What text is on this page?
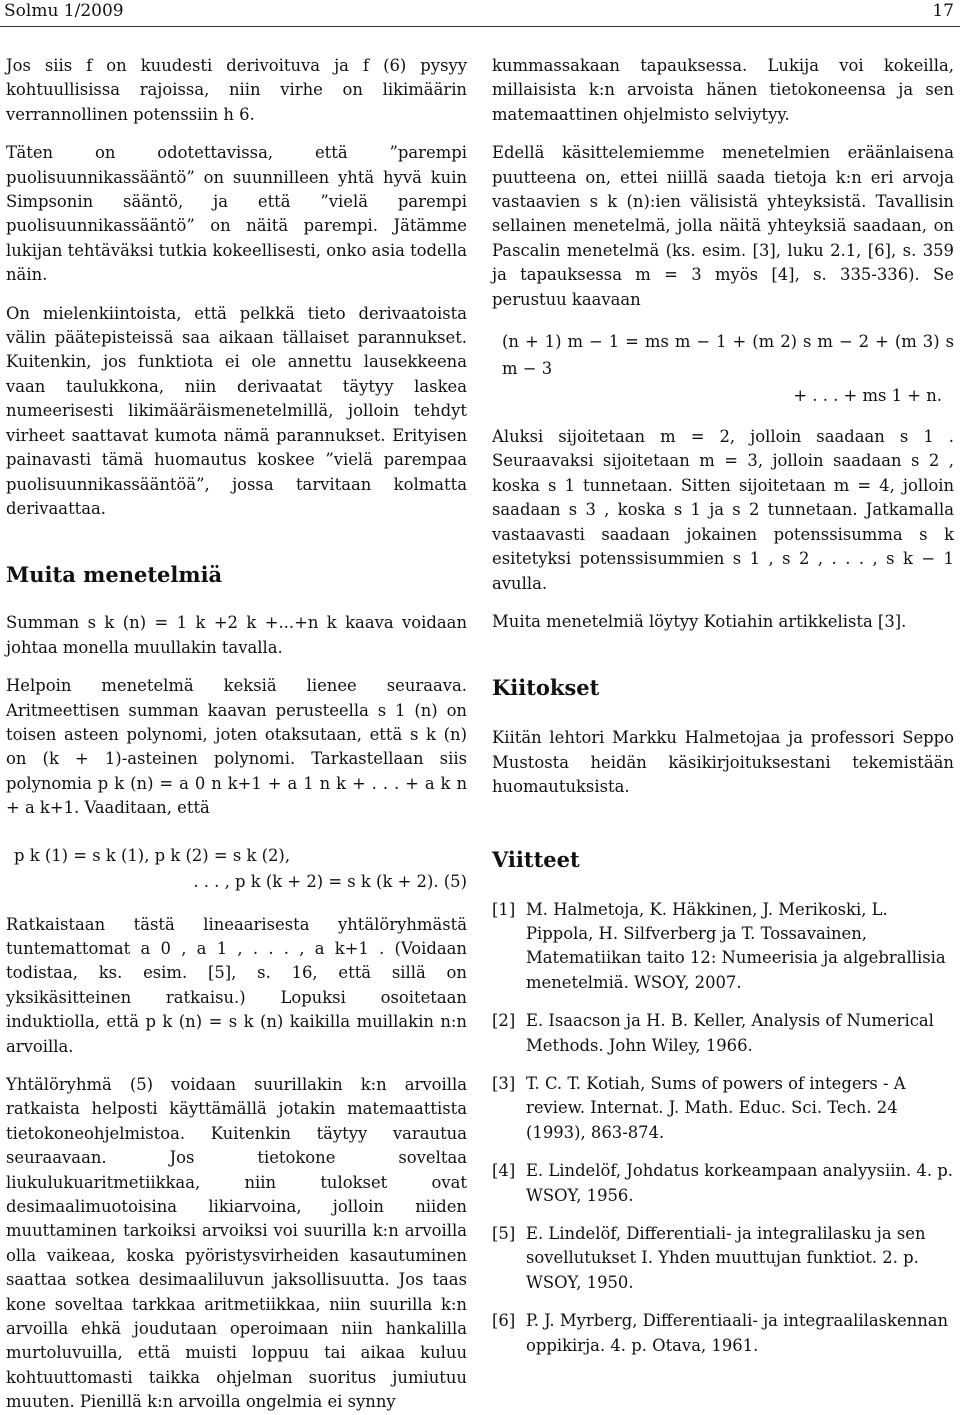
Solmu 1/2009	17

Jos siis f on kuudesti derivoituva ja f (6) pysyy kohtuullisissa rajoissa, niin virhe on likimäärin verrannollinen potenssiin h 6.

Täten on odotettavissa, että ”parempi puolisuunnikassääntö” on suunnilleen yhtä hyvä kuin Simpsonin sääntö, ja että ”vielä parempi puolisuunnikassääntö” on näitä parempi. Jätämme lukijan tehtäväksi tutkia kokeellisesti, onko asia todella näin.

On mielenkiintoista, että pelkkä tieto derivaatoista välin päätepisteissä saa aikaan tällaiset parannukset. Kuitenkin, jos funktiota ei ole annettu lausekkeena vaan taulukkona, niin derivaatat täytyy laskea numeerisesti likimääräismenetelmillä, jolloin tehdyt virheet saattavat kumota nämä parannukset. Erityisen painavasti tämä huomautus koskee ”vielä parempaa puolisuunnikassääntöä”, jossa tarvitaan kolmatta derivaattaa.

Muita menetelmiä

Summan s k (n) = 1 k +2 k +...+n k kaava voidaan johtaa monella muullakin tavalla.

Helpoin menetelmä keksiä lienee seuraava. Aritmeettisen summan kaavan perusteella s 1 (n) on toisen asteen polynomi, joten otaksutaan, että s k (n) on (k + 1)-asteinen polynomi. Tarkastellaan siis polynomia p k (n) = a 0 n k+1 + a 1 n k + . . . + a k n + a k+1. Vaaditaan, että

p k (1) = s k (1), p k (2) = s k (2),
. . . , p k (k + 2) = s k (k + 2). (5)

Ratkaistaan tästä lineaarisesta yhtälöryhmästä tuntemattomat a 0 , a 1 , . . . , a k+1 . (Voidaan todistaa, ks. esim. [5], s. 16, että sillä on yksikäsitteinen ratkaisu.) Lopuksi osoitetaan induktiolla, että p k (n) = s k (n) kaikilla muillakin n:n arvoilla.

Yhtälöryhmä (5) voidaan suurillakin k:n arvoilla ratkaista helposti käyttämällä jotakin matemaattista tietokoneohjelmistoa. Kuitenkin täytyy varautua seuraavaan. Jos tietokone soveltaa liukulukuaritmetiikkaa, niin tulokset ovat desimaalimuotoisina likiarvoina, jolloin niiden muuttaminen tarkoiksi arvoiksi voi suurilla k:n arvoilla olla vaikeaa, koska pyöristysvirheiden kasautuminen saattaa sotkea desimaaliluvun jaksollisuutta. Jos taas kone soveltaa tarkkaa aritmetiikkaa, niin suurilla k:n arvoilla ehkä joudutaan operoimaan niin hankalilla murtoluvuilla, että muisti loppuu tai aikaa kuluu kohtuuttomasti taikka ohjelman suoritus jumiutuu muuten. Pienillä k:n arvoilla ongelmia ei synny

kummassakaan tapauksessa. Lukija voi kokeilla, millaisista k:n arvoista hänen tietokoneensa ja sen matemaattinen ohjelmisto selviytyy.

Edellä käsittelemiemme menetelmien eräänlaisena puutteena on, ettei niillä saada tietoja k:n eri arvoja vastaavien s k (n):ien välisistä yhteyksistä. Tavallisin sellainen menetelmä, jolla näitä yhteyksiä saadaan, on Pascalin menetelmä (ks. esim. [3], luku 2.1, [6], s. 359 ja tapauksessa m = 3 myös [4], s. 335-336). Se perustuu kaavaan

(n + 1) m − 1 = ms m − 1 + (m 2) s m − 2 + (m 3) s m − 3
+ . . . + ms 1 + n.

Aluksi sijoitetaan m = 2, jolloin saadaan s 1 . Seuraavaksi sijoitetaan m = 3, jolloin saadaan s 2 , koska s 1 tunnetaan. Sitten sijoitetaan m = 4, jolloin saadaan s 3 , koska s 1 ja s 2 tunnetaan. Jatkamalla vastaavasti saadaan jokainen potenssisumma s k esitetyksi potenssisummien s 1 , s 2 , . . . , s k − 1 avulla.

Muita menetelmiä löytyy Kotiahin artikkelista [3].

Kiitokset

Kiitän lehtori Markku Halmetojaa ja professori Seppo Mustosta heidän käsikirjoituksestani tekemistään huomautuksista.

Viitteet
[1] M. Halmetoja, K. Häkkinen, J. Merikoski, L. Pippola, H. Silfverberg ja T. Tossavainen, Matematiikan taito 12: Numeerisia ja algebrallisia menetelmiä. WSOY, 2007.
[2] E. Isaacson ja H. B. Keller, Analysis of Numerical Methods. John Wiley, 1966.
[3] T. C. T. Kotiah, Sums of powers of integers - A review. Internat. J. Math. Educ. Sci. Tech. 24 (1993), 863-874.
[4] E. Lindelöf, Johdatus korkeampaan analyysiin. 4. p. WSOY, 1956.
[5] E. Lindelöf, Differentiali- ja integralilasku ja sen sovellutukset I. Yhden muuttujan funktiot. 2. p. WSOY, 1950.
[6] P. J. Myrberg, Differentiaali- ja integraalilaskennan oppikirja. 4. p. Otava, 1961.
